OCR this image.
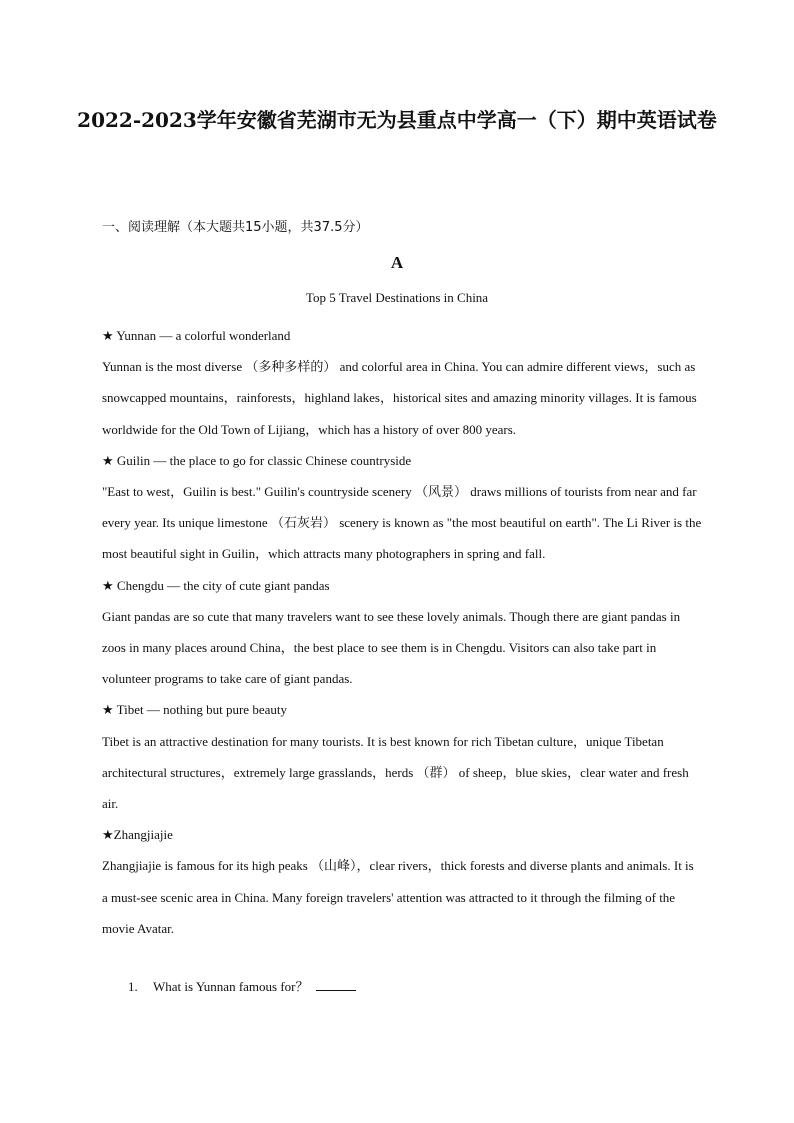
2022-2023学年安徽省芜湖市无为县重点中学高一（下）期中英语试卷
一、阅读理解（本大题共15小题，共37.5分）
A
Top 5 Travel Destinations in China

★ Yunnan — a colorful wonderland

Yunnan is the most diverse （多种多样的） and colorful area in China. You can admire different views，such as snowcapped mountains，rainforests，highland lakes，historical sites and amazing minority villages. It is famous worldwide for the Old Town of Lijiang，which has a history of over 800 years.

★ Guilin — the place to go for classic Chinese countryside

"East to west，Guilin is best." Guilin's countryside scenery （风景） draws millions of tourists from near and far every year. Its unique limestone （石灰岩） scenery is known as "the most beautiful on earth". The Li River is the most beautiful sight in Guilin，which attracts many photographers in spring and fall.

★ Chengdu — the city of cute giant pandas

Giant pandas are so cute that many travelers want to see these lovely animals. Though there are giant pandas in zoos in many places around China，the best place to see them is in Chengdu. Visitors can also take part in volunteer programs to take care of giant pandas.

★ Tibet — nothing but pure beauty

Tibet is an attractive destination for many tourists. It is best known for rich Tibetan culture，unique Tibetan architectural structures，extremely large grasslands，herds （群） of sheep，blue skies，clear water and fresh air.

★Zhangjiajie

Zhangjiajie is famous for its high peaks （山峰），clear rivers，thick forests and diverse plants and animals. It is a must-see scenic area in China. Many foreign travelers' attention was attracted to it through the filming of the movie Avatar.

1. What is Yunnan famous for？
